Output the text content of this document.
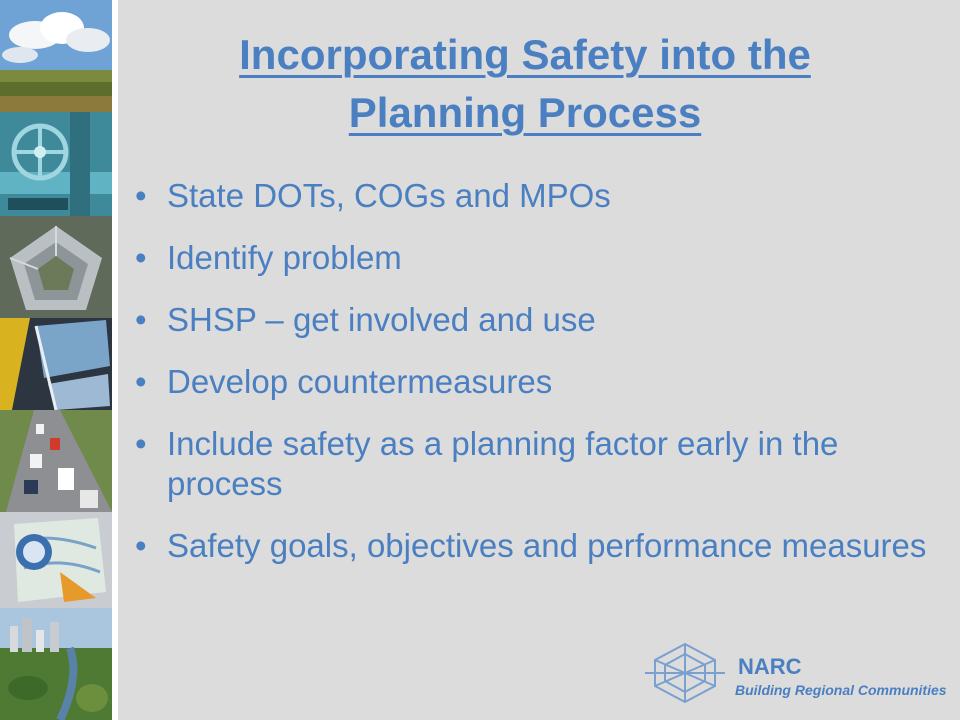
Incorporating Safety into the
Planning Process
• State DOTs, COGs and MPOs
• Identify problem
• SHSP – get involved and use
• Develop countermeasures
• Include safety as a planning factor early in the process
• Safety goals, objectives and performance measures
NARC
Building Regional Communities
